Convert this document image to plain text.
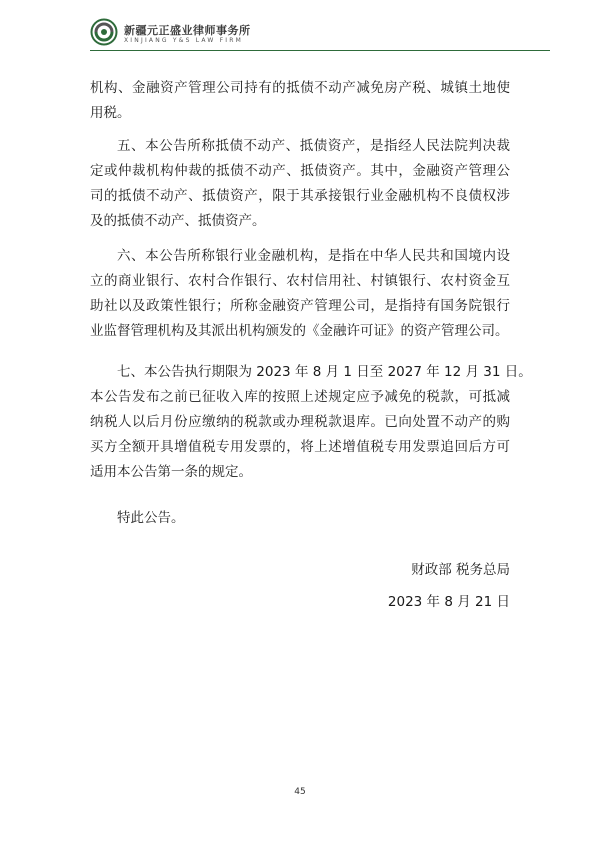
新疆元正盛业律师事务所
XINJIANG Y&S LAW FIRM
机构、金融资产管理公司持有的抵债不动产减免房产税、城镇土地使
用税。
五、本公告所称抵债不动产、抵债资产，是指经人民法院判决裁
定或仲裁机构仲裁的抵债不动产、抵债资产。其中，金融资产管理公
司的抵债不动产、抵债资产，限于其承接银行业金融机构不良债权涉
及的抵债不动产、抵债资产。
六、本公告所称银行业金融机构，是指在中华人民共和国境内设
立的商业银行、农村合作银行、农村信用社、村镇银行、农村资金互
助社以及政策性银行；所称金融资产管理公司，是指持有国务院银行
业监督管理机构及其派出机构颁发的《金融许可证》的资产管理公司。
七、本公告执行期限为 2023 年 8 月 1 日至 2027 年 12 月 31 日。
本公告发布之前已征收入库的按照上述规定应予减免的税款，可抵减
纳税人以后月份应缴纳的税款或办理税款退库。已向处置不动产的购
买方全额开具增值税专用发票的，将上述增值税专用发票追回后方可
适用本公告第一条的规定。
特此公告。
财政部 税务总局
2023 年 8 月 21 日
45
